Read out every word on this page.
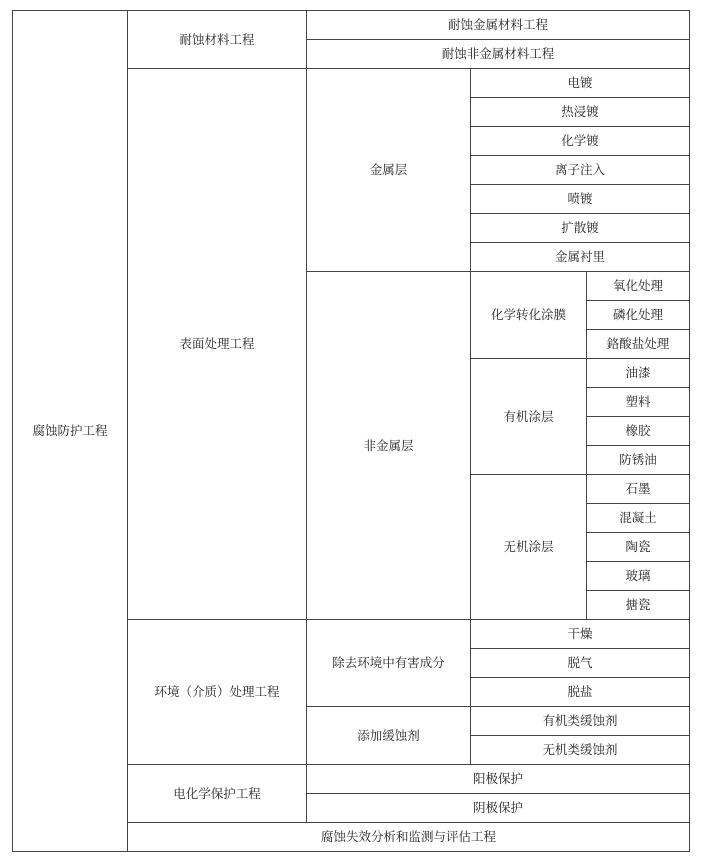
腐蚀防护工程	耐蚀材料工程	耐蚀金属材料工程		
		耐蚀非金属材料工程		
	表面处理工程	金属层	电镀	
			热浸镀	
			化学镀	
			离子注入	
			喷镀	
			扩散镀	
			金属衬里	
		非金属层	化学转化涂膜	氧化处理
				磷化处理
				鉻酸盐处理
			有机涂层	油漆
				塑料
				橡胶
				防锈油
			无机涂层	石墨
				混凝土
				陶瓷
				玻璃
				搪瓷
	环境（介质）处理工程	除去环境中有害成分	干燥	
			脱气	
			脱盐	
		添加缓蚀剂	有机类缓蚀剂	
			无机类缓蚀剂	
	电化学保护工程	阳极保护		
		阴极保护		
	腐蚀失效分析和监测与评估工程			
